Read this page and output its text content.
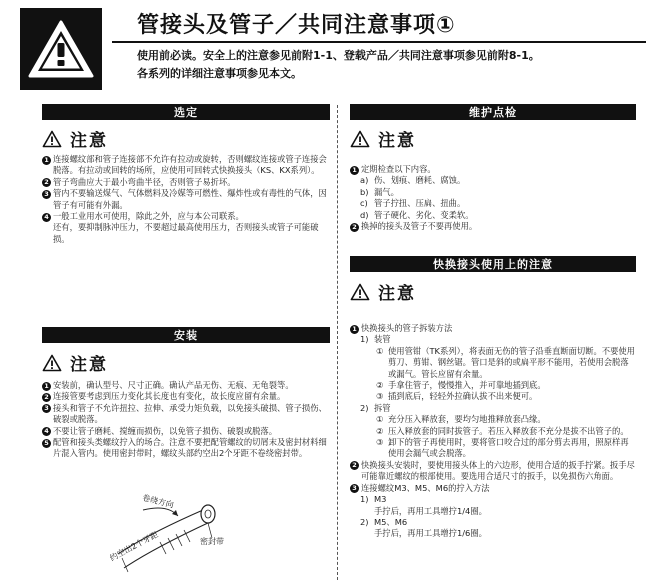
管接头及管子／共同注意事项①
使用前必读。安全上的注意参见前附1-1、登载产品／共同注意事项参见前附8-1。
各系列的详细注意事项参见本文。
选定
注意
1 连接螺纹部和管子连接部不允许有拉动或旋转，否则螺纹连接或管子连接会脱落。有拉动或回转的场所，应使用可回转式快换接头（KS、KX系列）。
2 管子弯曲应大于最小弯曲半径，否则管子易折坏。
3 管内不要输送煤气、气体燃料及冷媒等可燃性、爆炸性或有毒性的气体，因管子有可能有外漏。
4 一般工业用水可使用，除此之外，应与本公司联系。
还有，要抑制脉冲压力，不要超过最高使用压力，否则接头或管子可能破损。
安装
注意
1 安装前，确认型号、尺寸正确。确认产品无伤、无痕、无龟裂等。
2 连接管要考虑到压力变化其长度也有变化，故长度应留有余量。
3 接头和管子不允许扭拉、拉伸、承受力矩负载，以免接头破损、管子损伤、破裂或脱落。
4 不要让管子磨耗、搅缠而损伤，以免管子损伤、破裂或脱落。
5 配管和接头类螺纹拧入的场合。注意不要把配管螺纹的切屑末及密封材料细片混入管内。使用密封带时，螺纹头部约空出2个牙距不卷绕密封带。
卷绕方向
密封带
约空出2个牙距
维护点检
注意
1 定期检查以下内容。
a) 伤、划痕、磨耗、腐蚀。
b) 漏气。
c) 管子拧扭、压扁、扭曲。
d) 管子硬化、劣化、变柔软。
2 换掉的接头及管子不要再使用。
快换接头使用上的注意
注意
1 快换接头的管子拆装方法
1) 装管
① 使用管钳（TK系列），将表面无伤的管子沿垂直断面切断。不要使用剪刀、剪钳、钢丝锯。管口是斜的或扁平形不能用，若使用会脱落或漏气。管长应留有余量。
② 手拿住管子，慢慢推入，并可靠地插到底。
③ 插到底后，轻轻外拉确认拔不出来便可。
2) 拆管
① 充分压入释放套，要均匀地推释放套凸缘。
② 压入释放套的同时拔管子。若压入释放套不充分是拔不出管子的。
③ 卸下的管子再使用时，要将管口咬合过的部分剪去再用，照原样再使用会漏气或会脱落。
2 快换接头安装时，要使用接头体上的六边形，使用合适的扳手拧紧。扳手尽可能靠近螺纹的根部使用。要选用合适尺寸的扳手，以免损伤六角面。
3 连接螺纹M3、M5、M6的拧入方法
1) M3
手拧后，再用工具增拧1/4圈。
2) M5、M6
手拧后，再用工具增拧1/6圈。
